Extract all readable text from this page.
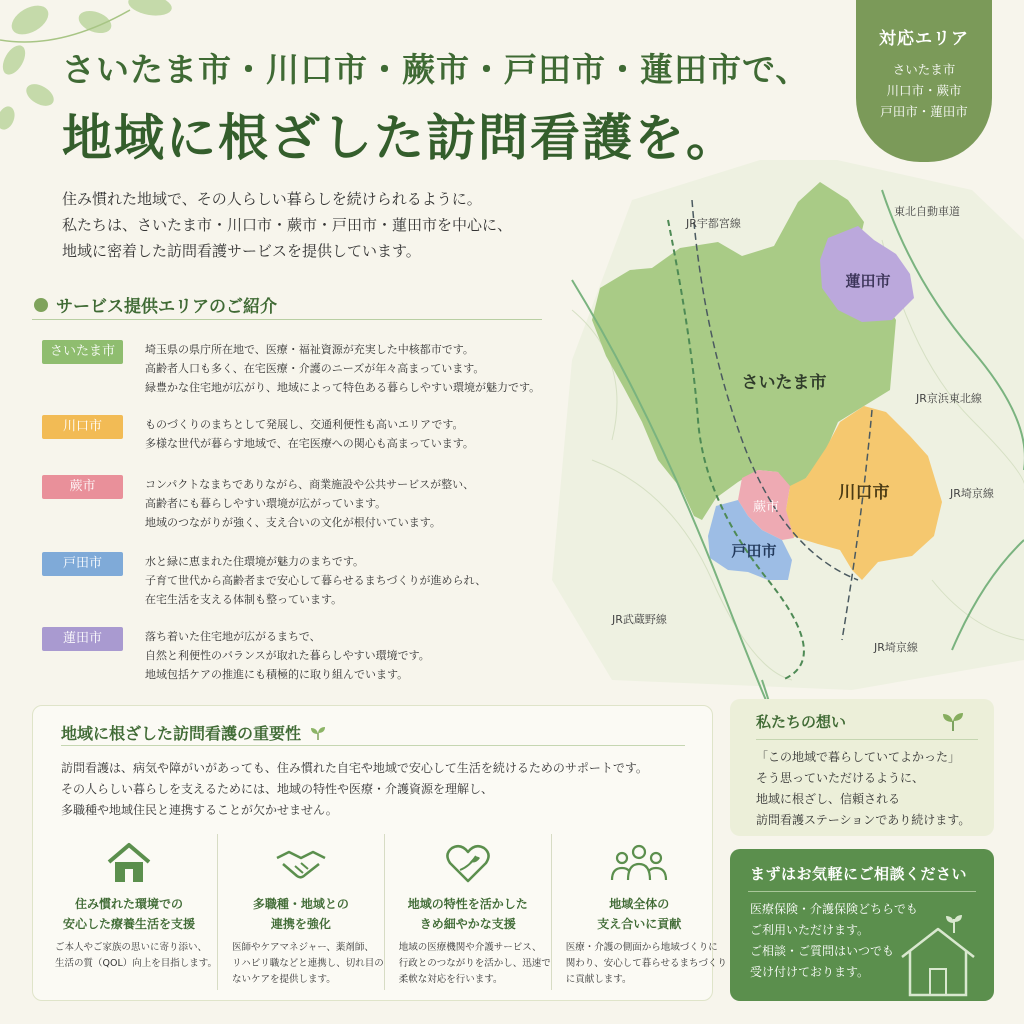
さいたま市・川口市・蕨市・戸田市・蓮田市で、
地域に根ざした訪問看護を。

住み慣れた地域で、その人らしい暮らしを続けられるように。

私たちは、さいたま市・川口市・蕨市・戸田市・蓮田市を中心に、

地域に密着した訪問看護サービスを提供しています。

対応エリア
さいたま市
川口市・蕨市
戸田市・蓮田市
サービス提供エリアのご紹介
さいたま市	埼玉県の県庁所在地で、医療・福祉資源が充実した中核都市です。
高齢者人口も多く、在宅医療・介護のニーズが年々高まっています。
緑豊かな住宅地が広がり、地域によって特色ある暮らしやすい環境が魅力です。
川口市	ものづくりのまちとして発展し、交通利便性も高いエリアです。
多様な世代が暮らす地域で、在宅医療への関心も高まっています。
蕨市	コンパクトなまちでありながら、商業施設や公共サービスが整い、
高齢者にも暮らしやすい環境が広がっています。
地域のつながりが強く、支え合いの文化が根付いています。
戸田市	水と緑に恵まれた住環境が魅力のまちです。
子育て世代から高齢者まで安心して暮らせるまちづくりが進められ、
在宅生活を支える体制も整っています。
蓮田市	落ち着いた住宅地が広がるまちで、
自然と利便性のバランスが取れた暮らしやすい環境です。
地域包括ケアの推進にも積極的に取り組んでいます。
さいたま市
蓮田市
川口市
蕨市
戸田市
JR宇都宮線
東北自動車道
JR京浜東北線
JR埼京線
JR武蔵野線
JR埼京線
地域に根ざした訪問看護の重要性

訪問看護は、病気や障がいがあっても、住み慣れた自宅や地域で安心して生活を続けるためのサポートです。

その人らしい暮らしを支えるためには、地域の特性や医療・介護資源を理解し、

多職種や地域住民と連携することが欠かせません。

住み慣れた環境での
安心した療養生活を支援
ご本人やご家族の思いに寄り添い、
生活の質（QOL）向上を目指します。
多職種・地域との
連携を強化
医師やケアマネジャー、薬剤師、
リハビリ職などと連携し、切れ目の
ないケアを提供します。
地域の特性を活かした
きめ細やかな支援
地域の医療機関や介護サービス、
行政とのつながりを活かし、迅速で
柔軟な対応を行います。
地域全体の
支え合いに貢献
医療・介護の側面から地域づくりに
関わり、安心して暮らせるまちづくり
に貢献します。
私たちの想い

「この地域で暮らしていてよかった」

そう思っていただけるように、

地域に根ざし、信頼される

訪問看護ステーションであり続けます。

まずはお気軽にご相談ください

医療保険・介護保険どちらでも

ご利用いただけます。

ご相談・ご質問はいつでも

受け付けております。
